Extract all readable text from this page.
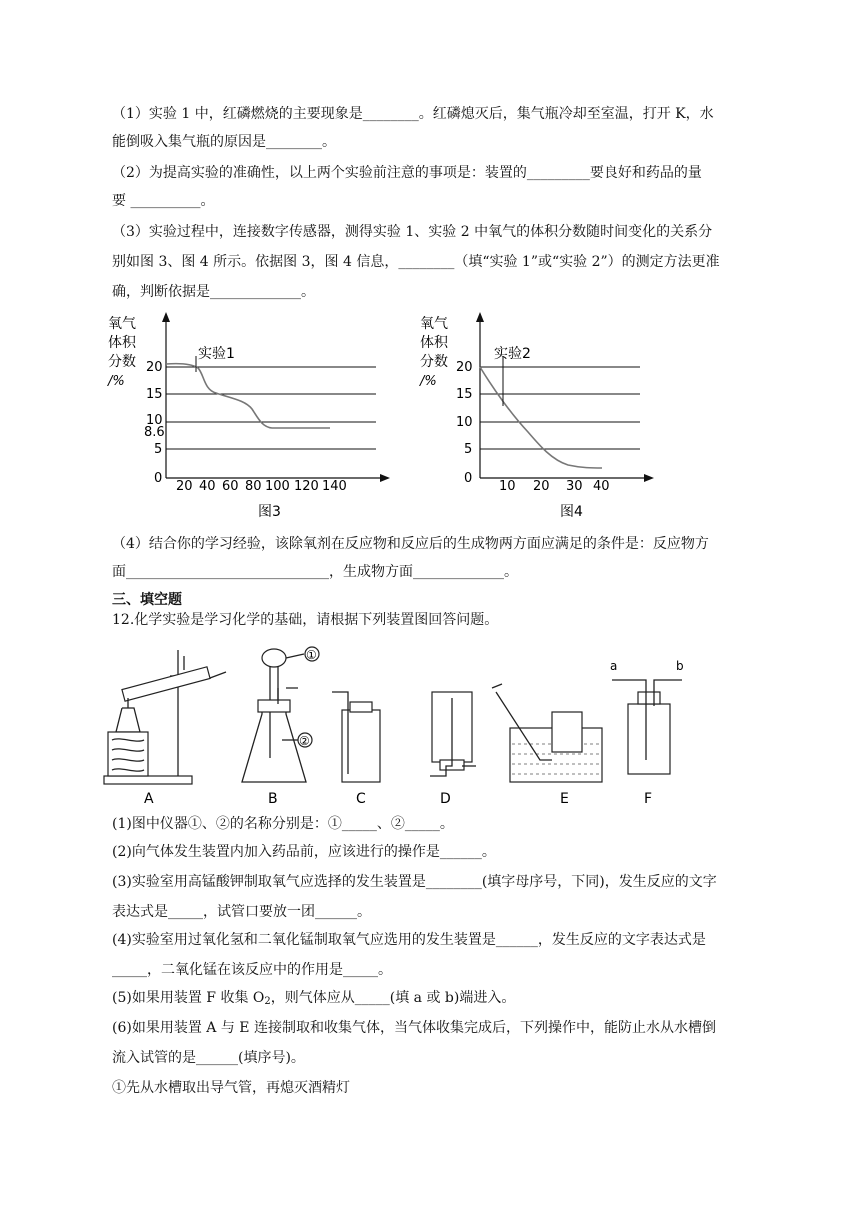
（1）实验 1 中，红磷燃烧的主要现象是________。红磷熄灭后，集气瓶冷却至室温，打开 K，水
能倒吸入集气瓶的原因是________。
（2）为提高实验的准确性，以上两个实验前注意的事项是：装置的_________要良好和药品的量
要 __________。
（3）实验过程中，连接数字传感器，测得实验 1、实验 2 中氧气的体积分数随时间变化的关系分
别如图 3、图 4 所示。依据图 3，图 4 信息，________（填“实验 1”或“实验 2”）的测定方法更准
确，判断依据是_____________。
氧气
体积
分数
/%
20
15
10
8.6
5
0
20 40 60 80 100 120 140
实验1
图3
氧气
体积
分数
/%
20
15
10
5
0
10 20 30 40
实验2
图4
（4）结合你的学习经验，该除氧剂在反应物和反应后的生成物两方面应满足的条件是：反应物方
面_____________________________，生成物方面_____________。
三、填空题
12.化学实验是学习化学的基础，请根据下列装置图回答问题。
A
①
②
B	C	D	E
a	b
F
(1)图中仪器①、②的名称分别是：①_____、②_____。
(2)向气体发生装置内加入药品前，应该进行的操作是______。
(3)实验室用高锰酸钾制取氧气应选择的发生装置是________(填字母序号，下同)，发生反应的文字
表达式是_____，试管口要放一团______。
(4)实验室用过氧化氢和二氧化锰制取氧气应选用的发生装置是______，发生反应的文字表达式是
_____，二氧化锰在该反应中的作用是_____。
(5)如果用装置 F 收集 $O_2$，则气体应从_____(填 a 或 b)端进入。
(6)如果用装置 A 与 E 连接制取和收集气体，当气体收集完成后，下列操作中，能防止水从水槽倒
流入试管的是______(填序号)。
①先从水槽取出导气管，再熄灭酒精灯
